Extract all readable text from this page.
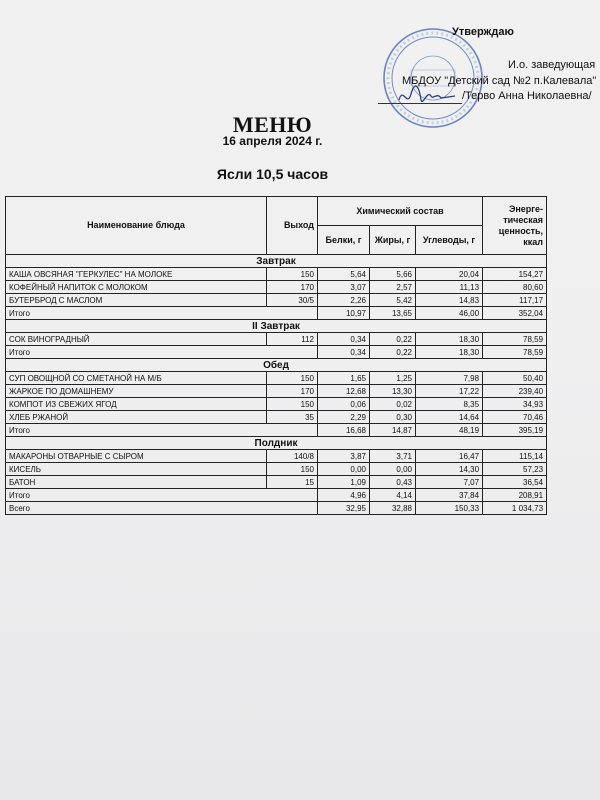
Утверждаю
И.о. заведующая
МБДОУ "Детский сад №2 п.Калевала"
/Терво Анна Николаевна/
МЕНЮ
16 апреля 2024 г.
Ясли 10,5 часов
Наименование блюда	Выход	Химический состав			Энерге-тическая ценность, ккал
		Белки, г	Жиры, г	Углеводы, г	
Завтрак					
КАША ОВСЯНАЯ "ГЕРКУЛЕС" НА МОЛОКЕ	150	5,64	5,66	20,04	154,27
КОФЕЙНЫЙ НАПИТОК С МОЛОКОМ	170	3,07	2,57	11,13	80,60
БУТЕРБРОД С МАСЛОМ	30/5	2,26	5,42	14,83	117,17
Итого		10,97	13,65	46,00	352,04
II Завтрак					
СОК ВИНОГРАДНЫЙ	112	0,34	0,22	18,30	78,59
Итого		0,34	0,22	18,30	78,59
Обед					
СУП ОВОЩНОЙ СО СМЕТАНОЙ НА М/Б	150	1,65	1,25	7,98	50,40
ЖАРКОЕ ПО ДОМАШНЕМУ	170	12,68	13,30	17,22	239,40
КОМПОТ ИЗ СВЕЖИХ ЯГОД	150	0,06	0,02	8,35	34,93
ХЛЕБ РЖАНОЙ	35	2,29	0,30	14,64	70,46
Итого		16,68	14,87	48,19	395,19
Полдник					
МАКАРОНЫ ОТВАРНЫЕ С СЫРОМ	140/8	3,87	3,71	16,47	115,14
КИСЕЛЬ	150	0,00	0,00	14,30	57,23
БАТОН	15	1,09	0,43	7,07	36,54
Итого		4,96	4,14	37,84	208,91
Всего		32,95	32,88	150,33	1 034,73
